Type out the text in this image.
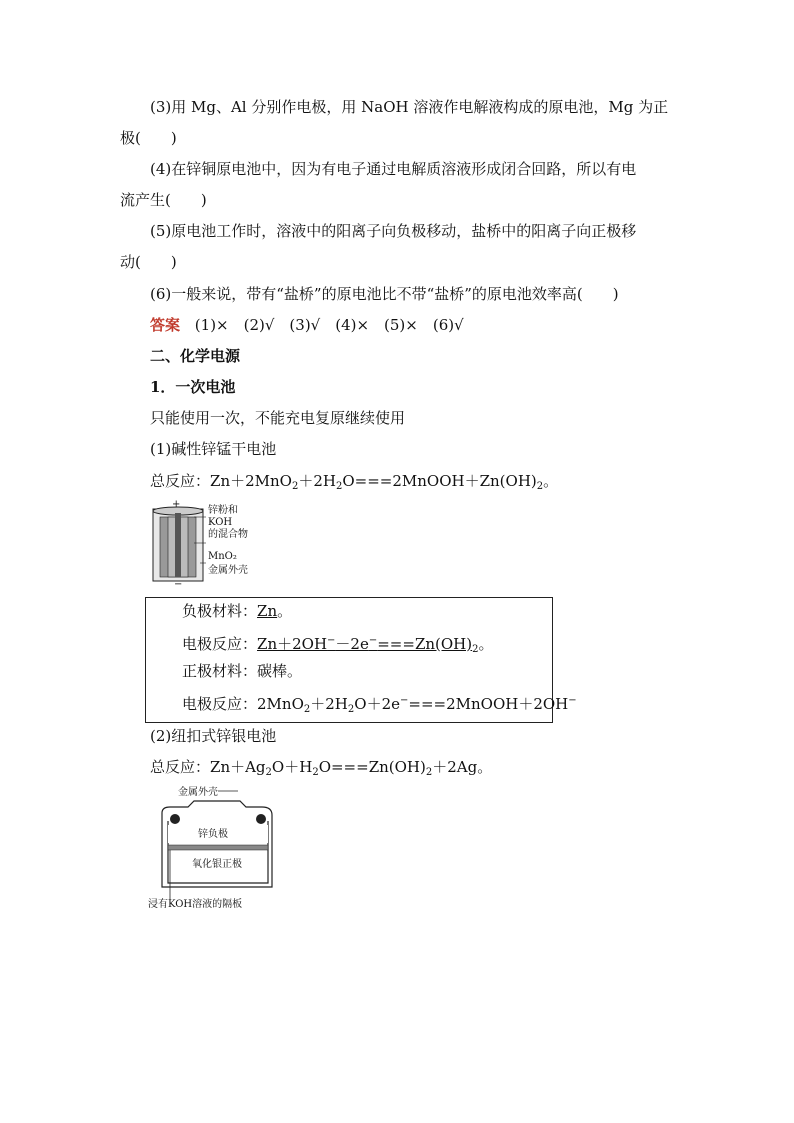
(3)用 Mg、Al 分别作电极，用 NaOH 溶液作电解液构成的原电池，Mg 为正
极(　　)
(4)在锌铜原电池中，因为有电子通过电解质溶液形成闭合回路，所以有电
流产生(　　)
(5)原电池工作时，溶液中的阳离子向负极移动，盐桥中的阳离子向正极移
动(　　)
(6)一般来说，带有“盐桥”的原电池比不带“盐桥”的原电池效率高(　　)
答案 (1)×　(2)√　(3)√　(4)×　(5)×　(6)√
二、化学电源
1．一次电池
只能使用一次，不能充电复原继续使用
(1)碱性锌锰干电池
总反应：$Zn+2MnO_2+2H_2O===2MnOOH+Zn(OH)_2$。
+
−
锌粉和
KOH
的混合物
MnO₂
金属外壳
负极材料：Zn。
电极反应：$Zn+2OH^--2e^-===Zn(OH)_2$。
正极材料：碳棒。
电极反应：$2MnO_2+2H_2O+2e^-===2MnOOH+2OH^-$
(2)纽扣式锌银电池
总反应：$Zn+Ag_2O+H_2O===Zn(OH)_2+2Ag$。
金属外壳
锌负极
氧化银正极
浸有KOH溶液的隔板
